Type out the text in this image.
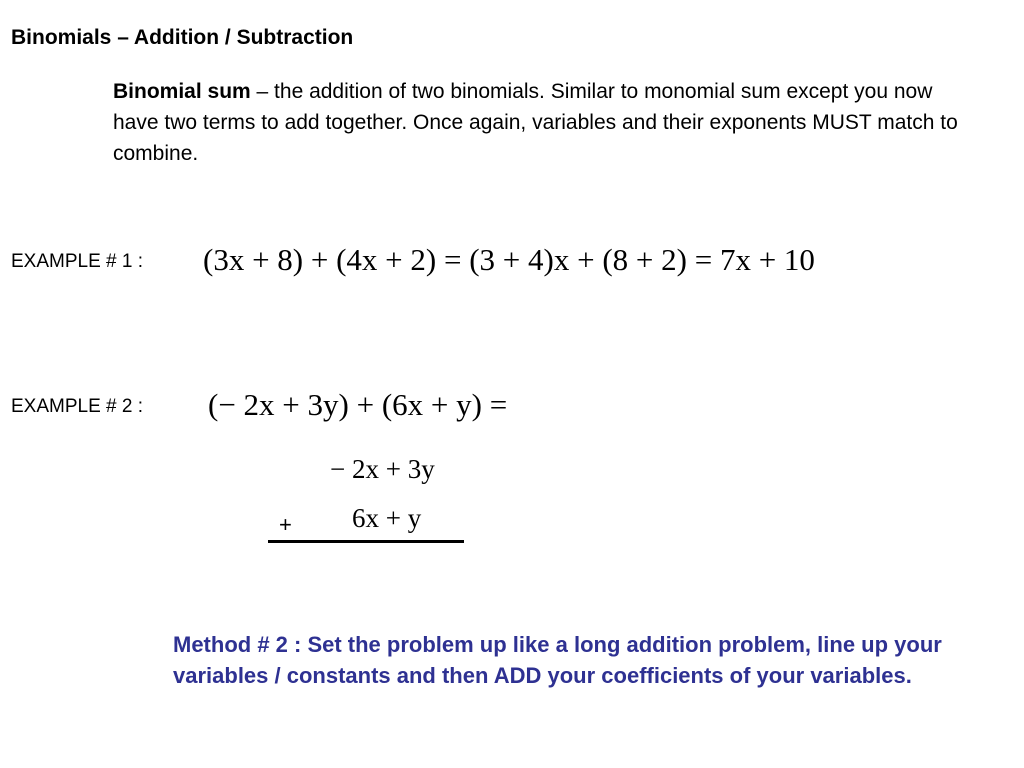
Binomials – Addition / Subtraction
Binomial sum – the addition of two binomials. Similar to monomial sum except you now have two terms to add together. Once again, variables and their exponents MUST match to combine.
EXAMPLE # 1 : (3x + 8) + (4x + 2) = (3 + 4)x + (8 + 2) = 7x + 10
EXAMPLE # 2 : (− 2x + 3y) + (6x + y) =
− 2x + 3y
6x + y
+
Method # 2 : Set the problem up like a long addition problem, line up your variables / constants and then ADD your coefficients of your variables.
